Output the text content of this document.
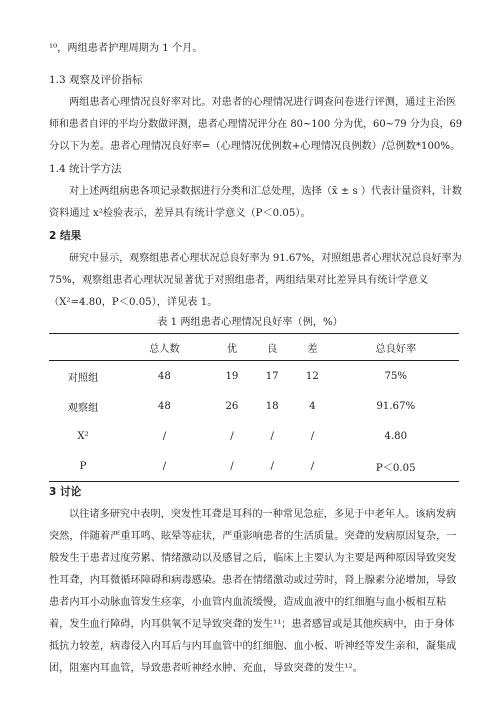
¹⁰，两组患者护理周期为 1 个月。
1.3 观察及评价指标
两组患者心理情况良好率对比。对患者的心理情况进行调查问卷进行评测，通过主治医
师和患者自评的平均分数做评测，患者心理情况评分在 80~100 分为优，60~79 分为良，69
分以下为差。患者心理情况良好率=（心理情况优例数+心理情况良例数）/总例数*100%。
1.4 统计学方法
对上述两组病患各项记录数据进行分类和汇总处理，选择（x̄ ± s ）代表计量资料，计数
资料通过 x²检验表示，差异具有统计学意义（P＜0.05）。
2 结果
研究中显示，观察组患者心理状况总良好率为 91.67%，对照组患者心理状况总良好率为
75%，观察组患者心理状况显著优于对照组患者，两组结果对比差异具有统计学意义
（X²=4.80，P＜0.05），详见表 1。
表 1 两组患者心理情况良好率（例，%）
	总人数	优	良	差	总良好率
对照组	48	19	17	12	75%
观察组	48	26	18	4	91.67%
X²	/	/	/	/	4.80
P	/	/	/	/	P＜0.05
3 讨论
以往诸多研究中表明，突发性耳聋是耳科的一种常见急症，多见于中老年人。该病发病
突然，伴随着严重耳鸣、眩晕等症状，严重影响患者的生活质量。突聋的发病原因复杂，一
般发生于患者过度劳累、情绪激动以及感冒之后，临床上主要认为主要是两种原因导致突发
性耳聋，内耳微循环障碍和病毒感染。患者在情绪激动或过劳时，肾上腺素分泌增加，导致
患者内耳小动脉血管发生痉挛，小血管内血流缓慢，造成血液中的红细胞与血小板相互粘
着，发生血行障碍，内耳供氧不足导致突聋的发生¹¹；患者感冒或是其他疾病中，由于身体
抵抗力较差，病毒侵入内耳后与内耳血管中的红细胞、血小板、听神经等发生亲和，凝集成
团，阻塞内耳血管，导致患者听神经水肿、充血，导致突聋的发生¹²。
